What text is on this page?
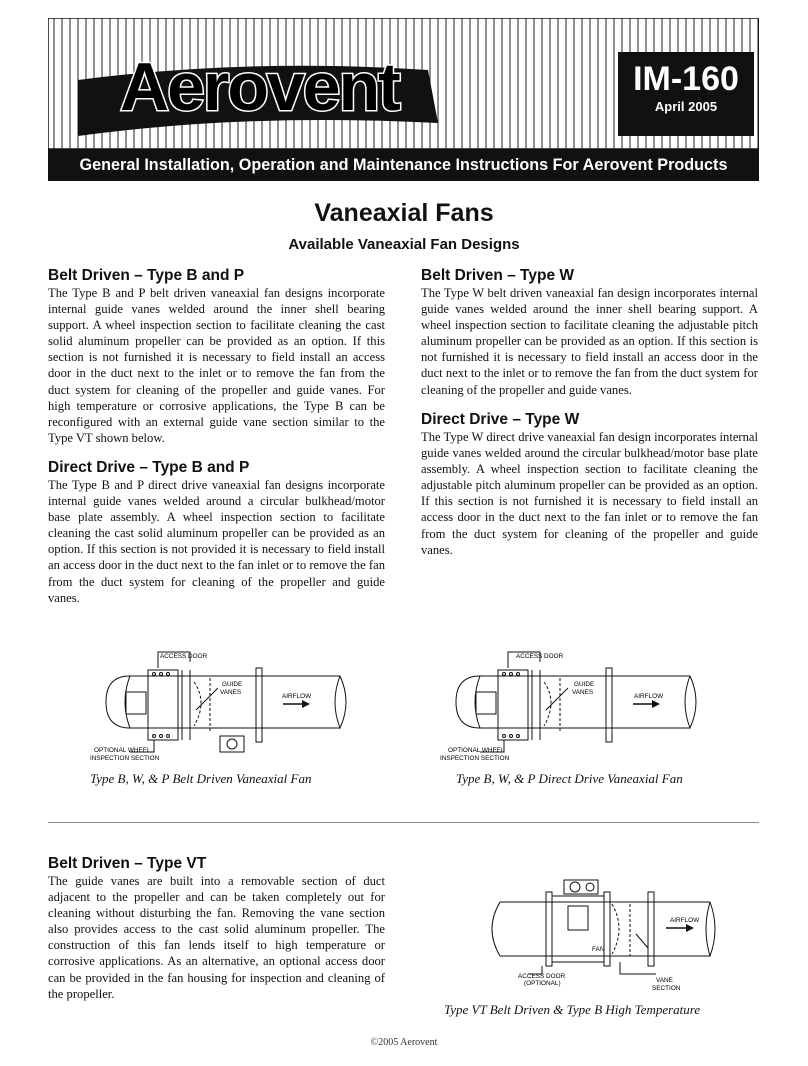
Aerovent	IM-160
April 2005
General Installation, Operation and Maintenance Instructions For Aerovent Products
Vaneaxial Fans
Available Vaneaxial Fan Designs
Belt Driven – Type B and P

The Type B and P belt driven vaneaxial fan designs incorporate internal guide vanes welded around the inner shell bearing support. A wheel inspection section to facilitate cleaning the cast solid aluminum propeller can be provided as an option. If this section is not furnished it is necessary to field install an access door in the duct next to the inlet or to remove the fan from the duct system for cleaning of the propeller and guide vanes. For high temperature or corrosive applications, the Type B can be reconfigured with an external guide vane section similar to the Type VT shown below.

Direct Drive – Type B and P

The Type B and P direct drive vaneaxial fan designs incorporate internal guide vanes welded around a circular bulkhead/motor base plate assembly. A wheel inspection section to facilitate cleaning the cast solid aluminum propeller can be provided as an option. If this section is not provided it is necessary to field install an access door in the duct next to the fan inlet or to remove the fan from the duct system for cleaning of the propeller and guide vanes.

Belt Driven – Type W

The Type W belt driven vaneaxial fan design incorporates internal guide vanes welded around the inner shell bearing support. A wheel inspection section to facilitate cleaning the adjustable pitch aluminum propeller can be provided as an option. If this section is not furnished it is necessary to field install an access door in the duct next to the inlet or to remove the fan from the duct system for cleaning of the propeller and guide vanes.

Direct Drive – Type W

The Type W direct drive vaneaxial fan design incorporates internal guide vanes welded around the circular bulkhead/motor base plate assembly. A wheel inspection section to facilitate cleaning the adjustable pitch aluminum propeller can be provided as an option. If this section is not furnished it is necessary to field install an access door in the duct next to the fan inlet or to remove the fan from the duct system for cleaning of the propeller and guide vanes.

ACCESS DOOR
GUIDE
VANES
AIRFLOW
OPTIONAL WHEEL
INSPECTION SECTION
Type B, W, & P Belt Driven Vaneaxial Fan
ACCESS DOOR
GUIDE
VANES
AIRFLOW
OPTIONAL WHEEL
INSPECTION SECTION
Type B, W, & P Direct Drive Vaneaxial Fan
Belt Driven – Type VT

The guide vanes are built into a removable section of duct adjacent to the propeller and can be taken completely out for cleaning without disturbing the fan. Removing the vane section also provides access to the cast solid aluminum propeller. The construction of this fan lends itself to high temperature or corrosive applications. As an alternative, an optional access door can be provided in the fan housing for inspection and cleaning of the propeller.

AIRFLOW
FAN
ACCESS DOOR
(OPTIONAL)	VANE
SECTION
Type VT Belt Driven & Type B High Temperature
©2005 Aerovent
